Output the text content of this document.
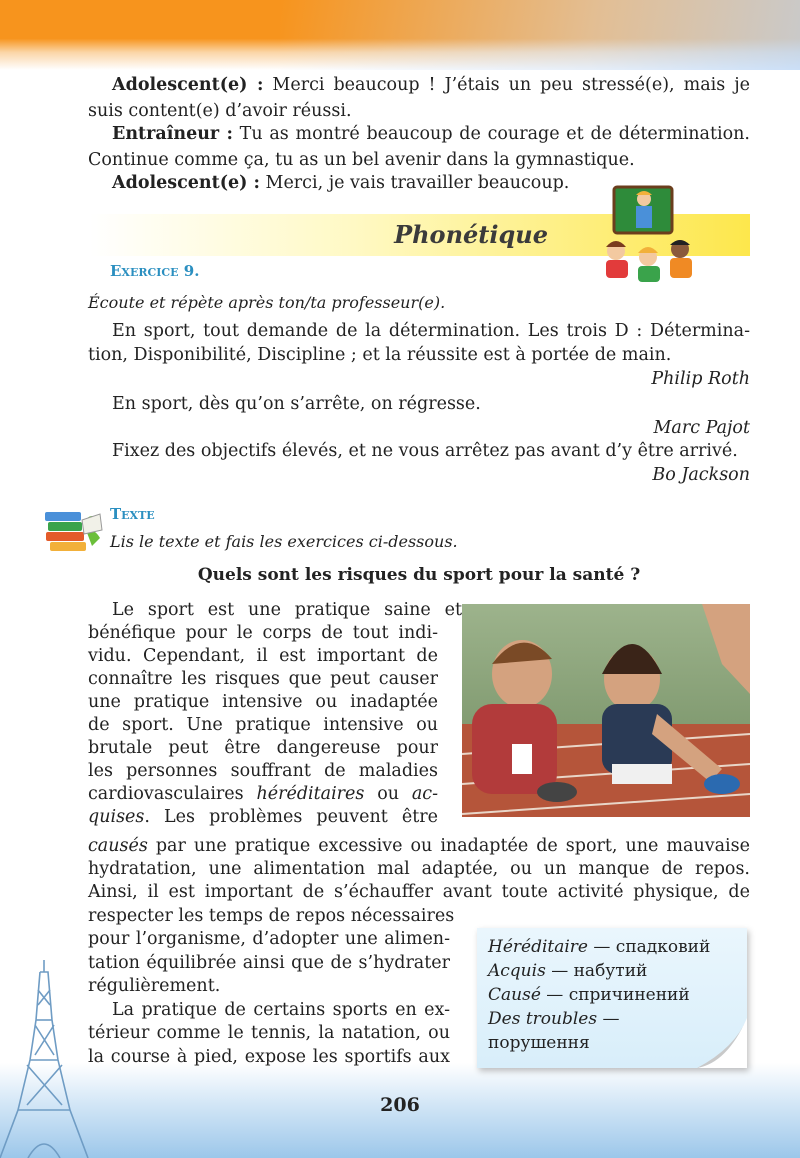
Adolescent(e) : Merci beaucoup ! J’étais un peu stressé(e), mais je
suis content(e) d’avoir réussi.
Entraîneur : Tu as montré beaucoup de courage et de détermination.
Continue comme ça, tu as un bel avenir dans la gymnastique.
Adolescent(e) : Merci, je vais travailler beaucoup.
Phonétique
Exercice 9.
Écoute et répète après ton/ta professeur(e).
En sport, tout demande de la détermination. Les trois D : Détermina-
tion, Disponibilité, Discipline ; et la réussite est à portée de main.
Philip Roth
En sport, dès qu’on s’arrête, on régresse.
Marc Pajot
Fixez des objectifs élevés, et ne vous arrêtez pas avant d’y être arrivé.
Bo Jackson
Texte
Lis le texte et fais les exercices ci-dessous.
Quels sont les risques du sport pour la santé ?
Le sport est une pratique saine et
bénéfique pour le corps de tout indi-
vidu. Cependant, il est important de
connaître les risques que peut causer
une pratique intensive ou inadaptée
de sport. Une pratique intensive ou
brutale peut être dangereuse pour
les personnes souffrant de maladies
cardiovasculaires héréditaires ou ac-
quises. Les problèmes peuvent être
causés par une pratique excessive ou inadaptée de sport, une mauvaise
hydratation, une alimentation mal adaptée, ou un manque de repos.
Ainsi, il est important de s’échauffer avant toute activité physique, de
respecter les temps de repos nécessaires
pour l’organisme, d’adopter une alimen-
tation équilibrée ainsi que de s’hydrater
régulièrement.
La pratique de certains sports en ex-
térieur comme le tennis, la natation, ou
la course à pied, expose les sportifs aux
Héréditaire — спадковий
Acquis — набутий
Causé — спричинений
Des troubles —
порушення
206
